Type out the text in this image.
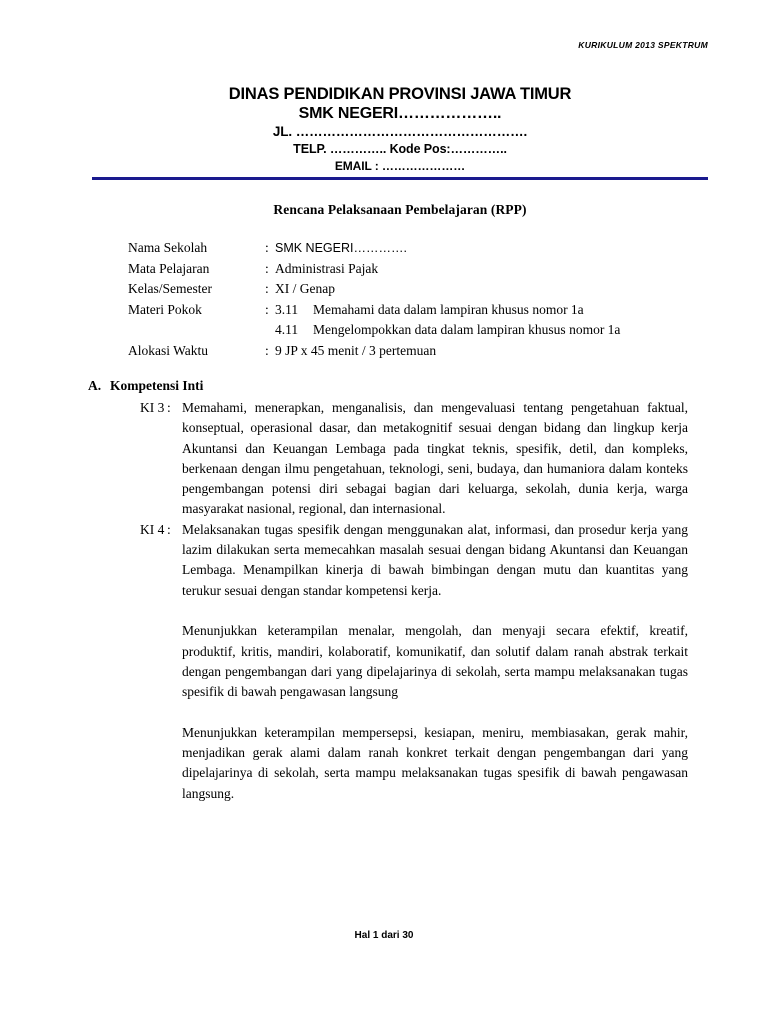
KURIKULUM 2013 SPEKTRUM
DINAS PENDIDIKAN PROVINSI JAWA TIMUR
SMK NEGERI………………..
JL. …………………………………………….
TELP. ………….. Kode Pos:…………..
EMAIL : …………………
Rencana Pelaksanaan Pembelajaran (RPP)
Nama Sekolah	: SMK NEGERI………….
Mata Pelajaran	: Administrasi Pajak
Kelas/Semester	: XI / Genap
Materi Pokok	: 3.11	Memahami data dalam lampiran khusus nomor 1a
4.11	Mengelompokkan data dalam lampiran khusus nomor 1a
Alokasi Waktu	: 9 JP x 45 menit / 3 pertemuan
A. Kompetensi Inti
KI 3 : Memahami, menerapkan, menganalisis, dan mengevaluasi tentang pengetahuan faktual, konseptual, operasional dasar, dan metakognitif sesuai dengan bidang dan lingkup kerja Akuntansi dan Keuangan Lembaga pada tingkat teknis, spesifik, detil, dan kompleks, berkenaan dengan ilmu pengetahuan, teknologi, seni, budaya, dan humaniora dalam konteks pengembangan potensi diri sebagai bagian dari keluarga, sekolah, dunia kerja, warga masyarakat nasional, regional, dan internasional.

KI 4 : Melaksanakan tugas spesifik dengan menggunakan alat, informasi, dan prosedur kerja yang lazim dilakukan serta memecahkan masalah sesuai dengan bidang Akuntansi dan Keuangan Lembaga. Menampilkan kinerja di bawah bimbingan dengan mutu dan kuantitas yang terukur sesuai dengan standar kompetensi kerja.

Menunjukkan keterampilan menalar, mengolah, dan menyaji secara efektif, kreatif, produktif, kritis, mandiri, kolaboratif, komunikatif, dan solutif dalam ranah abstrak terkait dengan pengembangan dari yang dipelajarinya di sekolah, serta mampu melaksanakan tugas spesifik di bawah pengawasan langsung

Menunjukkan keterampilan mempersepsi, kesiapan, meniru, membiasakan, gerak mahir, menjadikan gerak alami dalam ranah konkret terkait dengan pengembangan dari yang dipelajarinya di sekolah, serta mampu melaksanakan tugas spesifik di bawah pengawasan langsung.

Hal 1 dari 30
